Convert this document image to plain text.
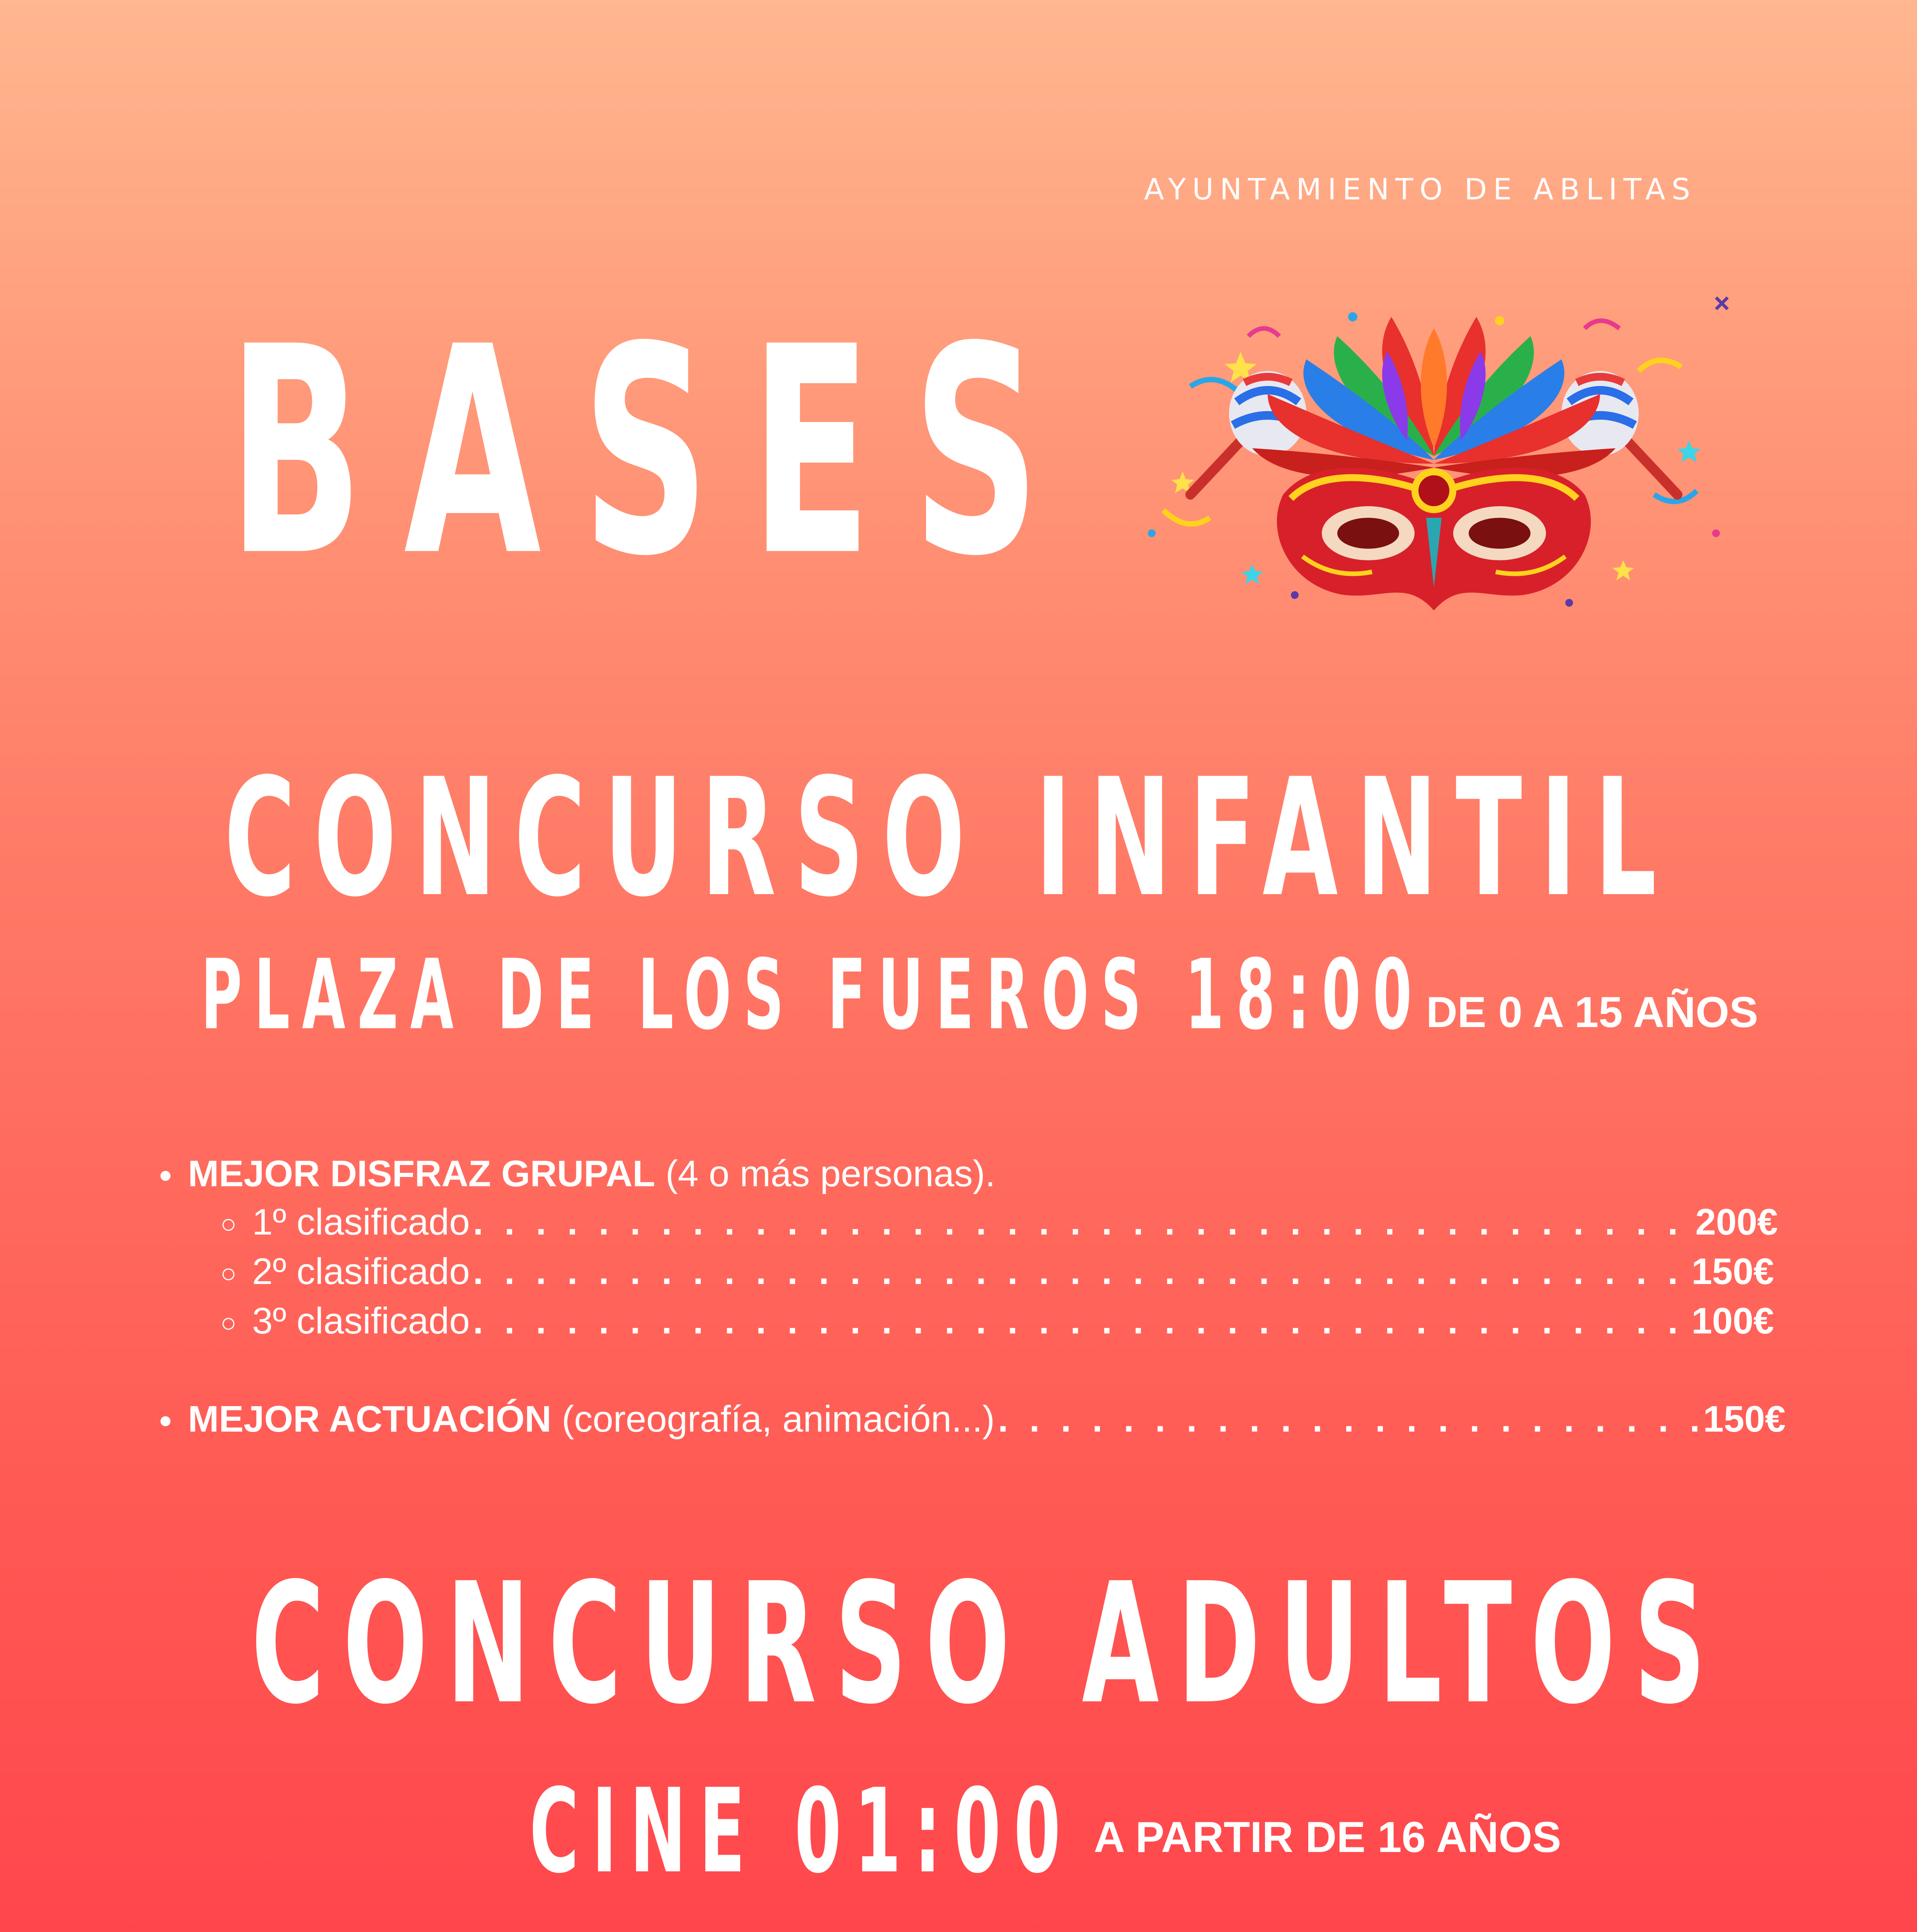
AYUNTAMIENTO DE ABLITAS
BASES
CONCURSO INFANTIL
PLAZA DE LOS FUEROS 18:00 DE 0 A 15 AÑOS
● MEJOR DISFRAZ GRUPAL
(4 o más personas).
○ 1º clasificado . . .	200€
○ 2º clasificado . . .	150€
○ 3º clasificado . . .	100€
● MEJOR ACTUACIÓN
(coreografía, animación...) . . .	150€
CONCURSO ADULTOS
CINE 01:00 A PARTIR DE 16 AÑOS
